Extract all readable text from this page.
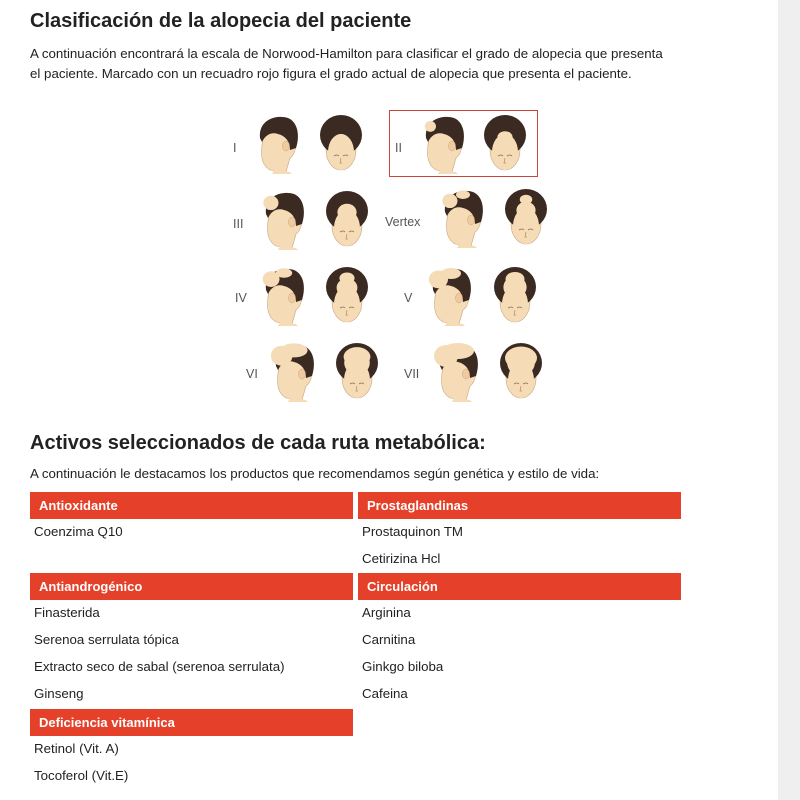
Clasificación de la alopecia del paciente

A continuación encontrará la escala de Norwood-Hamilton para clasificar el grado de alopecia que presenta
el paciente. Marcado con un recuadro rojo figura el grado actual de alopecia que presenta el paciente.

I	II
III	Vertex
IV	V
VI	VII
Activos seleccionados de cada ruta metabólica:

A continuación le destacamos los productos que recomendamos según genética y estilo de vida:

Antioxidante
Coenzima Q10
Antiandrogénico
Finasterida
Serenoa serrulata tópica
Extracto seco de sabal (serenoa serrulata)
Ginseng
Deficiencia vitamínica
Retinol (Vit. A)
Tocoferol (Vit.E)
Prostaglandinas
Prostaquinon TM
Cetirizina Hcl
Circulación
Arginina
Carnitina
Ginkgo biloba
Cafeina
